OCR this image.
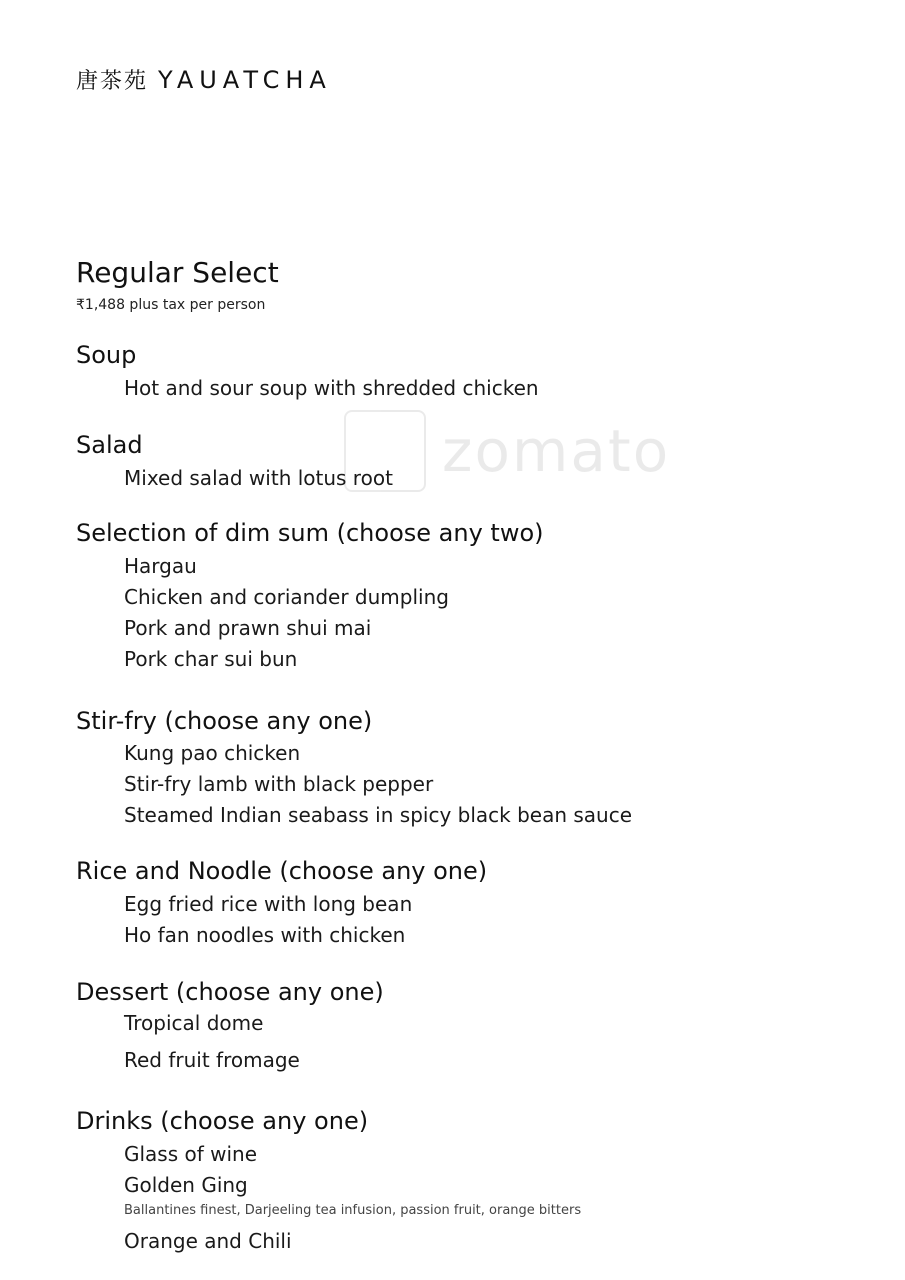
唐茶苑 YAUATCHA
zomato
Regular Select
₹1,488 plus tax per person
Soup
Hot and sour soup with shredded chicken
Salad
Mixed salad with lotus root
Selection of dim sum (choose any two)
Hargau
Chicken and coriander dumpling
Pork and prawn shui mai
Pork char sui bun
Stir-fry (choose any one)
Kung pao chicken
Stir-fry lamb with black pepper
Steamed Indian seabass in spicy black bean sauce
Rice and Noodle (choose any one)
Egg fried rice with long bean
Ho fan noodles with chicken
Dessert (choose any one)
Tropical dome
Red fruit fromage
Drinks (choose any one)
Glass of wine
Golden Ging
Ballantines finest, Darjeeling tea infusion, passion fruit, orange bitters
Orange and Chili
